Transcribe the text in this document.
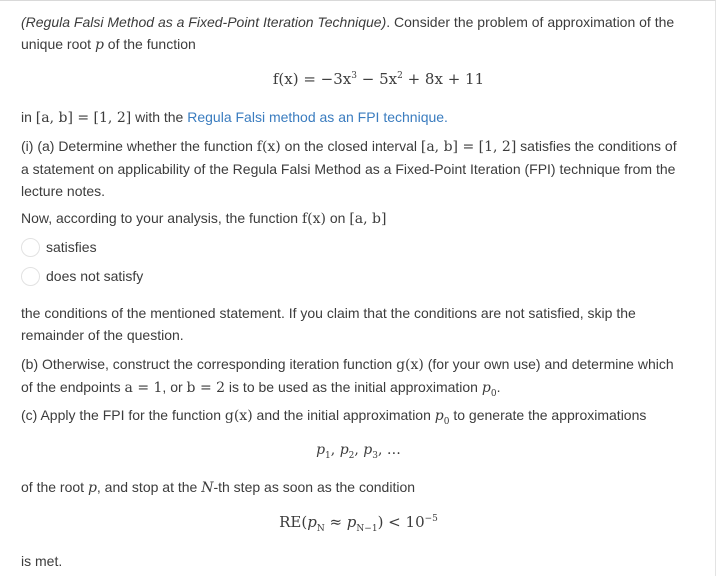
(Regula Falsi Method as a Fixed-Point Iteration Technique). Consider the problem of approximation of the
unique root p of the function
$f(x) = -3x^3 - 5x^2 + 8x + 11$
in [a, b] = [1, 2] with the Regula Falsi method as an FPI technique.
(i) (a) Determine whether the function f(x) on the closed interval [a, b] = [1, 2] satisfies the conditions of
a statement on applicability of the Regula Falsi Method as a Fixed-Point Iteration (FPI) technique from the
lecture notes.
Now, according to your analysis, the function f(x) on [a, b]
satisfies
does not satisfy
the conditions of the mentioned statement. If you claim that the conditions are not satisfied, skip the
remainder of the question.
(b) Otherwise, construct the corresponding iteration function g(x) (for your own use) and determine which
of the endpoints a = 1, or b = 2 is to be used as the initial approximation $p_0$.
(c) Apply the FPI for the function g(x) and the initial approximation $p_0$ to generate the approximations
$p_1$, $p_2$, $p_3$, …
of the root p, and stop at the N-th step as soon as the condition
$RE(p_N \approx p_{N-1}) < 10^{-5}$
is met.
